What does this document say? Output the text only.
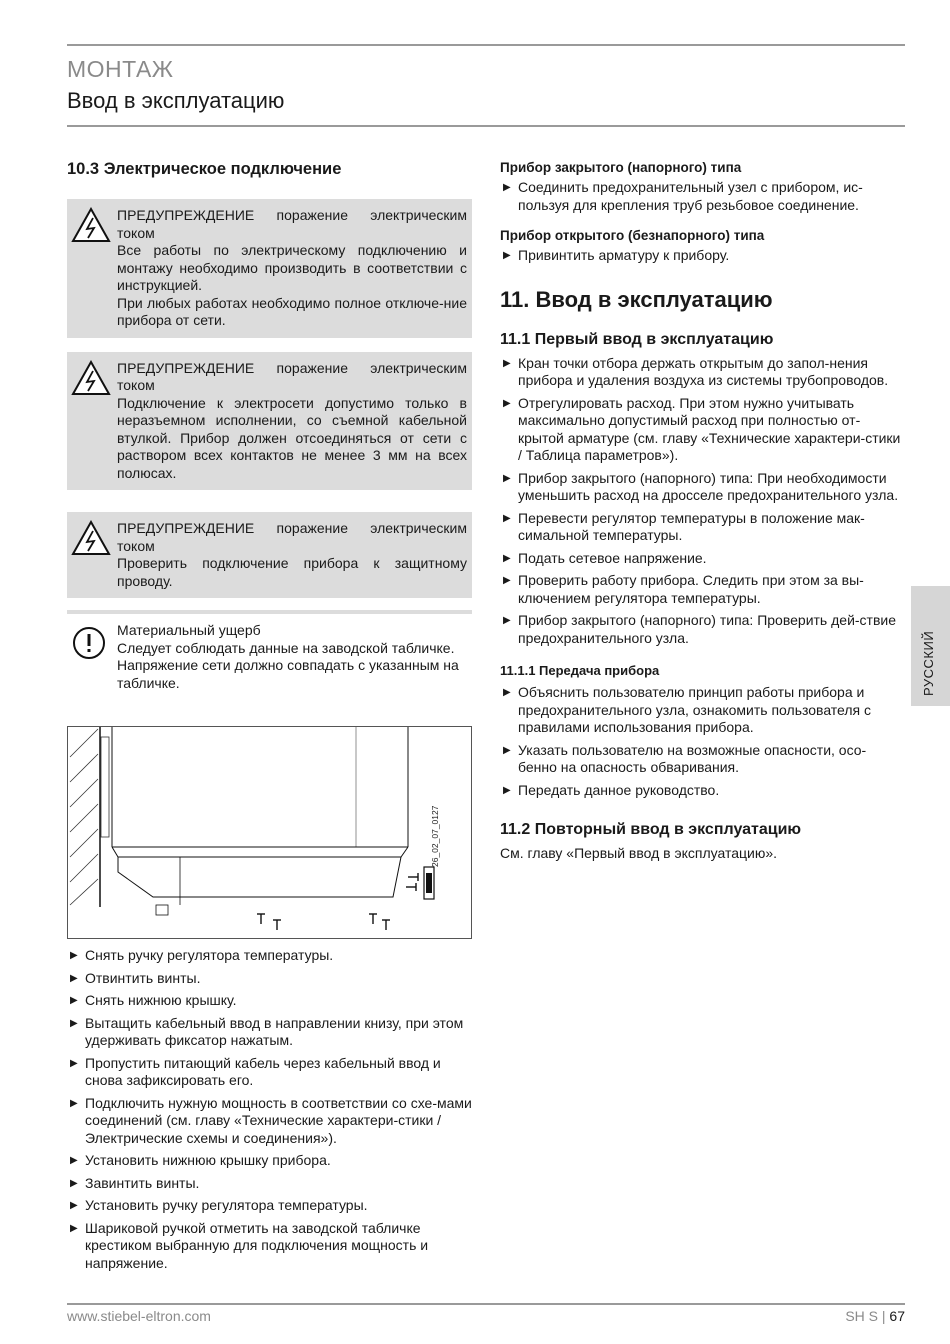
МОНТАЖ
Ввод в эксплуатацию
10.3 Электрическое подключение

ПРЕДУПРЕЖДЕНИЕ поражение электрическим током

Все работы по электрическому подключению и монтажу необходимо производить в соответствии с инструкцией.

При любых работах необходимо полное отключе-ние прибора от сети.

ПРЕДУПРЕЖДЕНИЕ поражение электрическим током

Подключение к электросети допустимо только в неразъемном исполнении, со съемной кабельной втулкой. Прибор должен отсоединяться от сети с раствором всех контактов не менее 3 мм на всех полюсах.

ПРЕДУПРЕЖДЕНИЕ поражение электрическим током

Проверить подключение прибора к защитному проводу.

Материальный ущерб

Следует соблюдать данные на заводской табличке. Напряжение сети должно совпадать с указанным на табличке.

26_02_07_0127
▶ Снять ручку регулятора температуры.
▶ Отвинтить винты.
▶ Снять нижнюю крышку.
▶ Вытащить кабельный ввод в направлении книзу, при этом удерживать фиксатор нажатым.
▶ Пропустить питающий кабель через кабельный ввод и снова зафиксировать его.
▶ Подключить нужную мощность в соответствии со схе-мами соединений (см. главу «Технические характери-стики / Электрические схемы и соединения»).
▶ Установить нижнюю крышку прибора.
▶ Завинтить винты.
▶ Установить ручку регулятора температуры.
▶ Шариковой ручкой отметить на заводской табличке крестиком выбранную для подключения мощность и напряжение.

Прибор закрытого (напорного) типа

▶ Соединить предохранительный узел с прибором, ис-пользуя для крепления труб резьбовое соединение.

Прибор открытого (безнапорного) типа

▶ Привинтить арматуру к прибору.
11. Ввод в эксплуатацию
11.1 Первый ввод в эксплуатацию
▶ Кран точки отбора держать открытым до запол-нения прибора и удаления воздуха из системы трубопроводов.
▶ Отрегулировать расход. При этом нужно учитывать максимально допустимый расход при полностью от-крытой арматуре (см. главу «Технические характери-стики / Таблица параметров»).
▶ Прибор закрытого (напорного) типа: При необходимости уменьшить расход на дросселе предохранительного узла.
▶ Перевести регулятор температуры в положение мак-симальной температуры.
▶ Подать сетевое напряжение.
▶ Проверить работу прибора. Следить при этом за вы-ключением регулятора температуры.
▶ Прибор закрытого (напорного) типа: Проверить дей-ствие предохранительного узла.
11.1.1 Передача прибора
▶ Объяснить пользователю принцип работы прибора и предохранительного узла, ознакомить пользователя с правилами использования прибора.
▶ Указать пользователю на возможные опасности, осо-бенно на опасность обваривания.
▶ Передать данное руководство.
11.2 Повторный ввод в эксплуатацию

См. главу «Первый ввод в эксплуатацию».

РУССКИЙ
www.stiebel-eltron.com	SH S | 67
